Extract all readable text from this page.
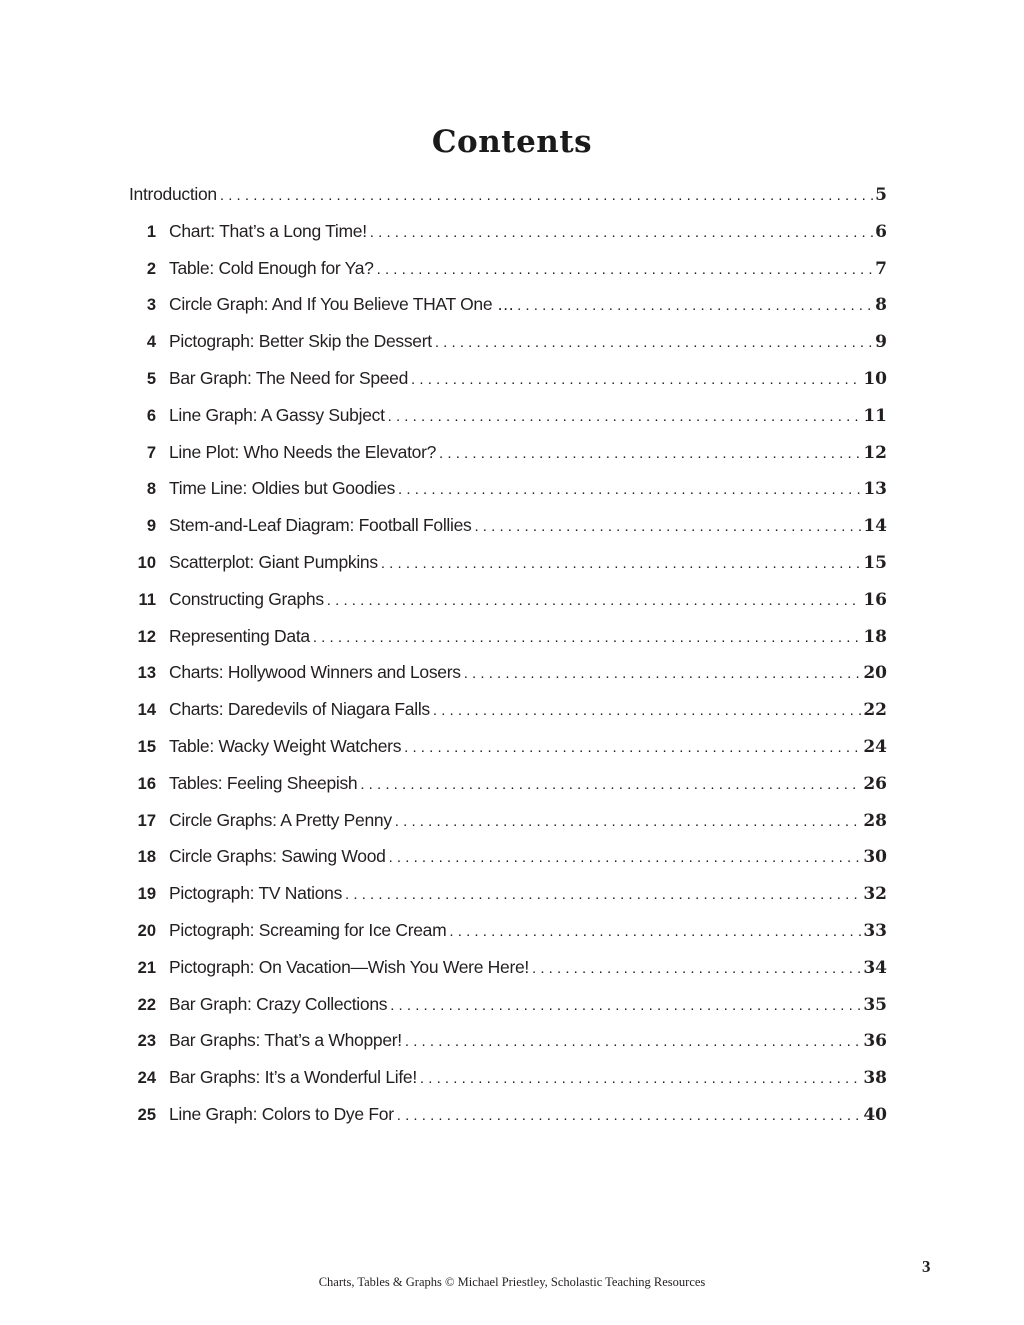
Contents
Introduction . . .	5
1 Chart: That’s a Long Time! . . .	6
2 Table: Cold Enough for Ya? . . .	7
3 Circle Graph: And If You Believe THAT One … . . .	8
4 Pictograph: Better Skip the Dessert . . .	9
5 Bar Graph: The Need for Speed . . .	10
6 Line Graph: A Gassy Subject . . .	11
7 Line Plot: Who Needs the Elevator? . . .	12
8 Time Line: Oldies but Goodies . . .	13
9 Stem-and-Leaf Diagram: Football Follies . . .	14
10 Scatterplot: Giant Pumpkins . . .	15
11 Constructing Graphs . . .	16
12 Representing Data . . .	18
13 Charts: Hollywood Winners and Losers . . .	20
14 Charts: Daredevils of Niagara Falls . . .	22
15 Table: Wacky Weight Watchers . . .	24
16 Tables: Feeling Sheepish . . .	26
17 Circle Graphs: A Pretty Penny . . .	28
18 Circle Graphs: Sawing Wood . . .	30
19 Pictograph: TV Nations . . .	32
20 Pictograph: Screaming for Ice Cream . . .	33
21 Pictograph: On Vacation—Wish You Were Here! . . .	34
22 Bar Graph: Crazy Collections . . .	35
23 Bar Graphs: That’s a Whopper! . . .	36
24 Bar Graphs: It’s a Wonderful Life! . . .	38
25 Line Graph: Colors to Dye For . . .	40
3
Charts, Tables & Graphs © Michael Priestley, Scholastic Teaching Resources
